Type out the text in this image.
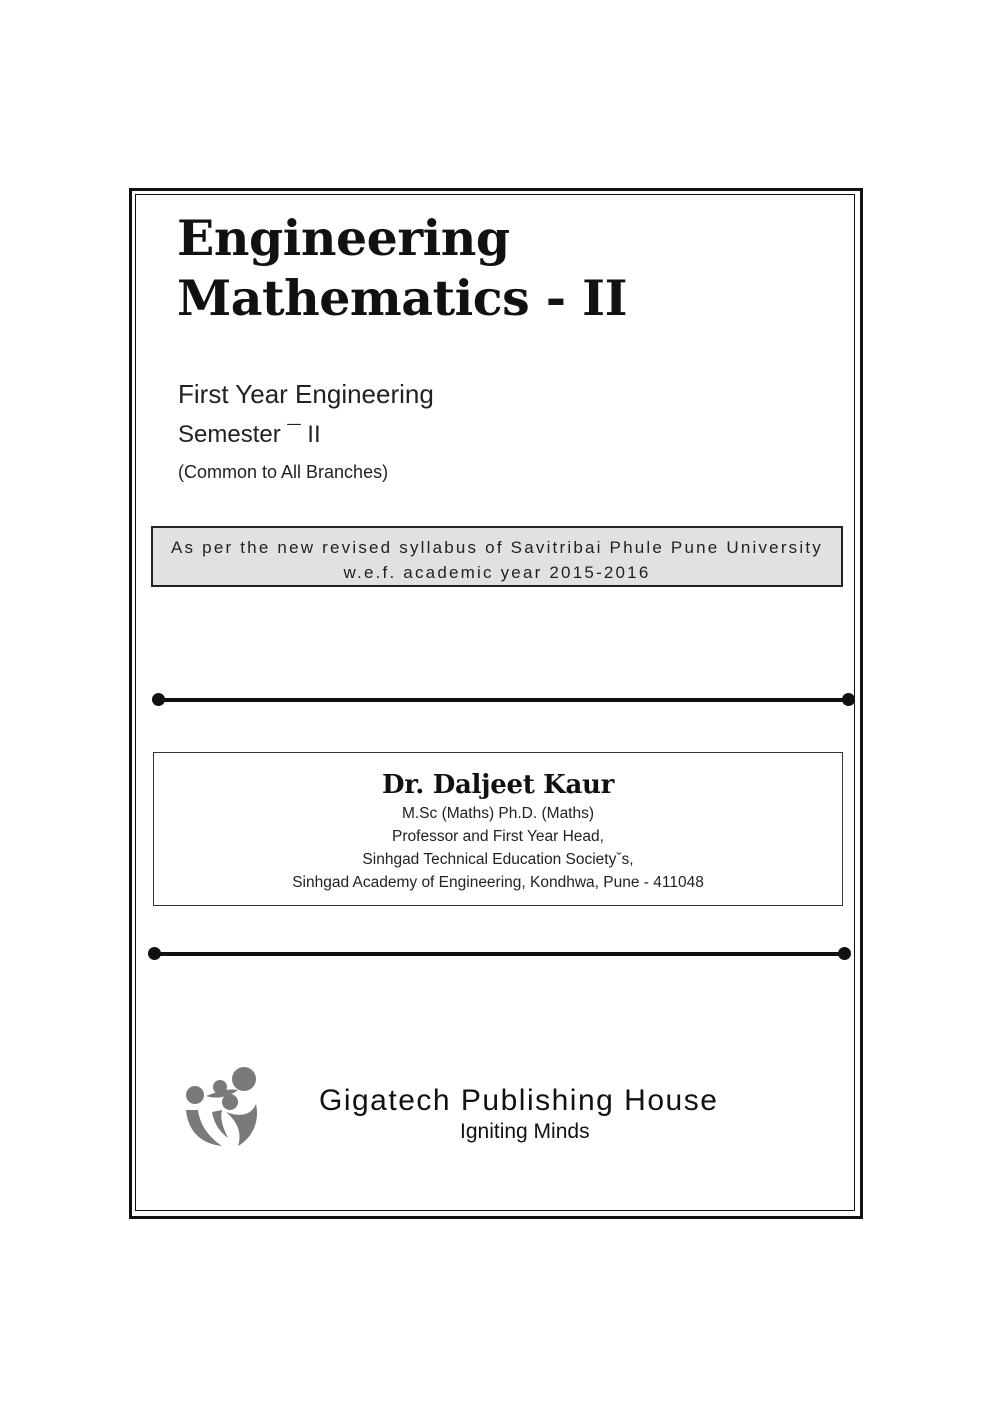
Engineering
Mathematics - II
First Year Engineering
Semester ¯ II
(Common to All Branches)
As per the new revised syllabus of Savitribai Phule Pune University
w.e.f. academic year 2015-2016
Dr. Daljeet Kaur
M.Sc (Maths) Ph.D. (Maths)
Professor and First Year Head,
Sinhgad Technical Education Societyˇs,
Sinhgad Academy of Engineering, Kondhwa, Pune - 411048
Gigatech Publishing House
Igniting Minds
